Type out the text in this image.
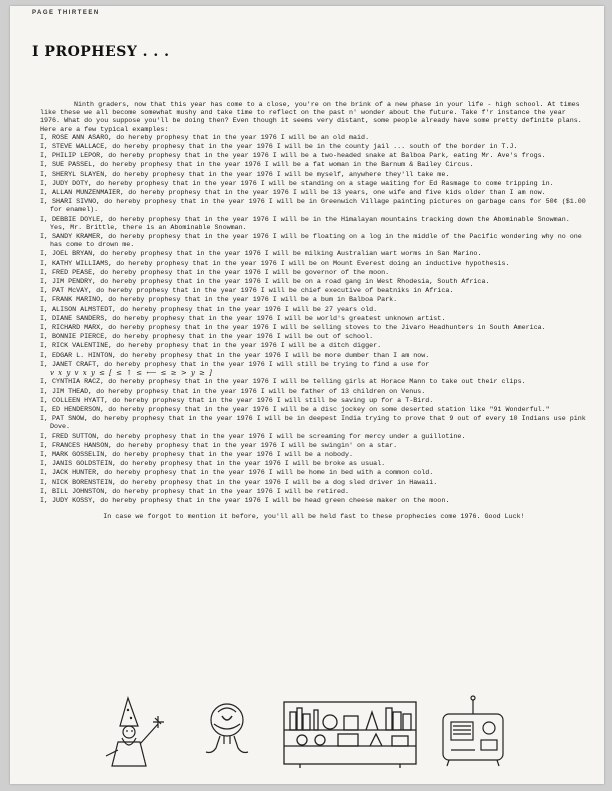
PAGE THIRTEEN
I PROPHESY . . .

Ninth graders, now that this year has come to a close, you're on the brink of a new phase in your life - high school. At times like these we all become somewhat mushy and take time to reflect on the past n' wonder about the future. Take f'r instance the year 1976. What do you suppose you'll be doing then? Even though it seems very distant, some people already have some pretty definite plans. Here are a few typical examples:

I, ROSE ANN ASARO, do hereby prophesy that in the year 1976 I will be an old maid.
I, STEVE WALLACE, do hereby prophesy that in the year 1976 I will be in the county jail ... south of the border in T.J.
I, PHILIP LEPOR, do hereby prophesy that in the year 1976 I will be a two-headed snake at Balboa Park, eating Mr. Ave's frogs.
I, SUE PASSEL, do hereby prophesy that in the year 1976 I will be a fat woman in the Barnum & Bailey Circus.
I, SHERYL SLAYEN, do hereby prophesy that in the year 1976 I will be myself, anywhere they'll take me.
I, JUDY DOTY, do hereby prophesy that in the year 1976 I will be standing on a stage waiting for Ed Rasmage to come tripping in.
I, ALLAN MUNZENMAIER, do hereby prophesy that in the year 1976 I will be 13 years, one wife and five kids older than I am now.
I, SHARI SIVNO, do hereby prophesy that in the year 1976 I will be in Greenwich Village painting pictures on garbage cans for 50¢ ($1.00 for enamel).
I, DEBBIE DOYLE, do hereby prophesy that in the year 1976 I will be in the Himalayan mountains tracking down the Abominable Snowman. Yes, Mr. Brittle, there is an Abominable Snowman.
I, SANDY KRAMER, do hereby prophesy that in the year 1976 I will be floating on a log in the middle of the Pacific wondering why no one has come to drown me.
I, JOEL BRYAN, do hereby prophesy that in the year 1976 I will be milking Australian wart worms in San Marino.
I, KATHY WILLIAMS, do hereby prophesy that in the year 1976 I will be on Mount Everest doing an inductive hypothesis.
I, FRED PEASE, do hereby prophesy that in the year 1976 I will be governor of the moon.
I, JIM PENDRY, do hereby prophesy that in the year 1976 I will be on a road gang in West Rhodesia, South Africa.
I, PAT McVAY, do hereby prophesy that in the year 1976 I will be chief executive of beatniks in Africa.
I, FRANK MARINO, do hereby prophesy that in the year 1976 I will be a bum in Balboa Park.
I, ALISON ALMSTEDT, do hereby prophesy that in the year 1976 I will be 27 years old.
I, DIANE SANDERS, do hereby prophesy that in the year 1976 I will be world's greatest unknown artist.
I, RICHARD MARX, do hereby prophesy that in the year 1976 I will be selling stoves to the Jivaro Headhunters in South America.
I, BONNIE PIERCE, do hereby prophesy that in the year 1976 I will be out of school.
I, RICK VALENTINE, do hereby prophesy that in the year 1976 I will be a ditch digger.
I, EDGAR L. HINTON, do hereby prophesy that in the year 1976 I will be more dumber than I am now.
I, JANET CRAFT, do hereby prophesy that in the year 1976 I will still be trying to find a use for
v x y v x y ≤ [ ≤ ↑ ≤ ⟵ ≤ ≥ > y ≥ ]
I, CYNTHIA RACZ, do hereby prophesy that in the year 1976 I will be telling girls at Horace Mann to take out their clips.
I, JIM THEAD, do hereby prophesy that in the year 1976 I will be father of 13 children on Venus.
I, COLLEEN HYATT, do hereby prophesy that in the year 1976 I will still be saving up for a T-Bird.
I, ED HENDERSON, do hereby prophesy that in the year 1976 I will be a disc jockey on some deserted station like "91 Wonderful."
I, PAT SNOW, do hereby prophesy that in the year 1976 I will be in deepest India trying to prove that 9 out of every 10 Indians use pink Dove.
I, FRED SUTTON, do hereby prophesy that in the year 1976 I will be screaming for mercy under a guillotine.
I, FRANCES HANSON, do hereby prophesy that in the year 1976 I will be swingin' on a star.
I, MARK GOSSELIN, do hereby prophesy that in the year 1976 I will be a nobody.
I, JANIS GOLDSTEIN, do hereby prophesy that in the year 1976 I will be broke as usual.
I, JACK HUNTER, do hereby prophesy that in the year 1976 I will be home in bed with a common cold.
I, NICK BORENSTEIN, do hereby prophesy that in the year 1976 I will be a dog sled driver in Hawaii.
I, BILL JOHNSTON, do hereby prophesy that in the year 1976 I will be retired.
I, JUDY KOSSY, do hereby prophesy that in the year 1976 I will be head green cheese maker on the moon.

In case we forgot to mention it before, you'll all be held fast to these prophecies come 1976. Good Luck!
